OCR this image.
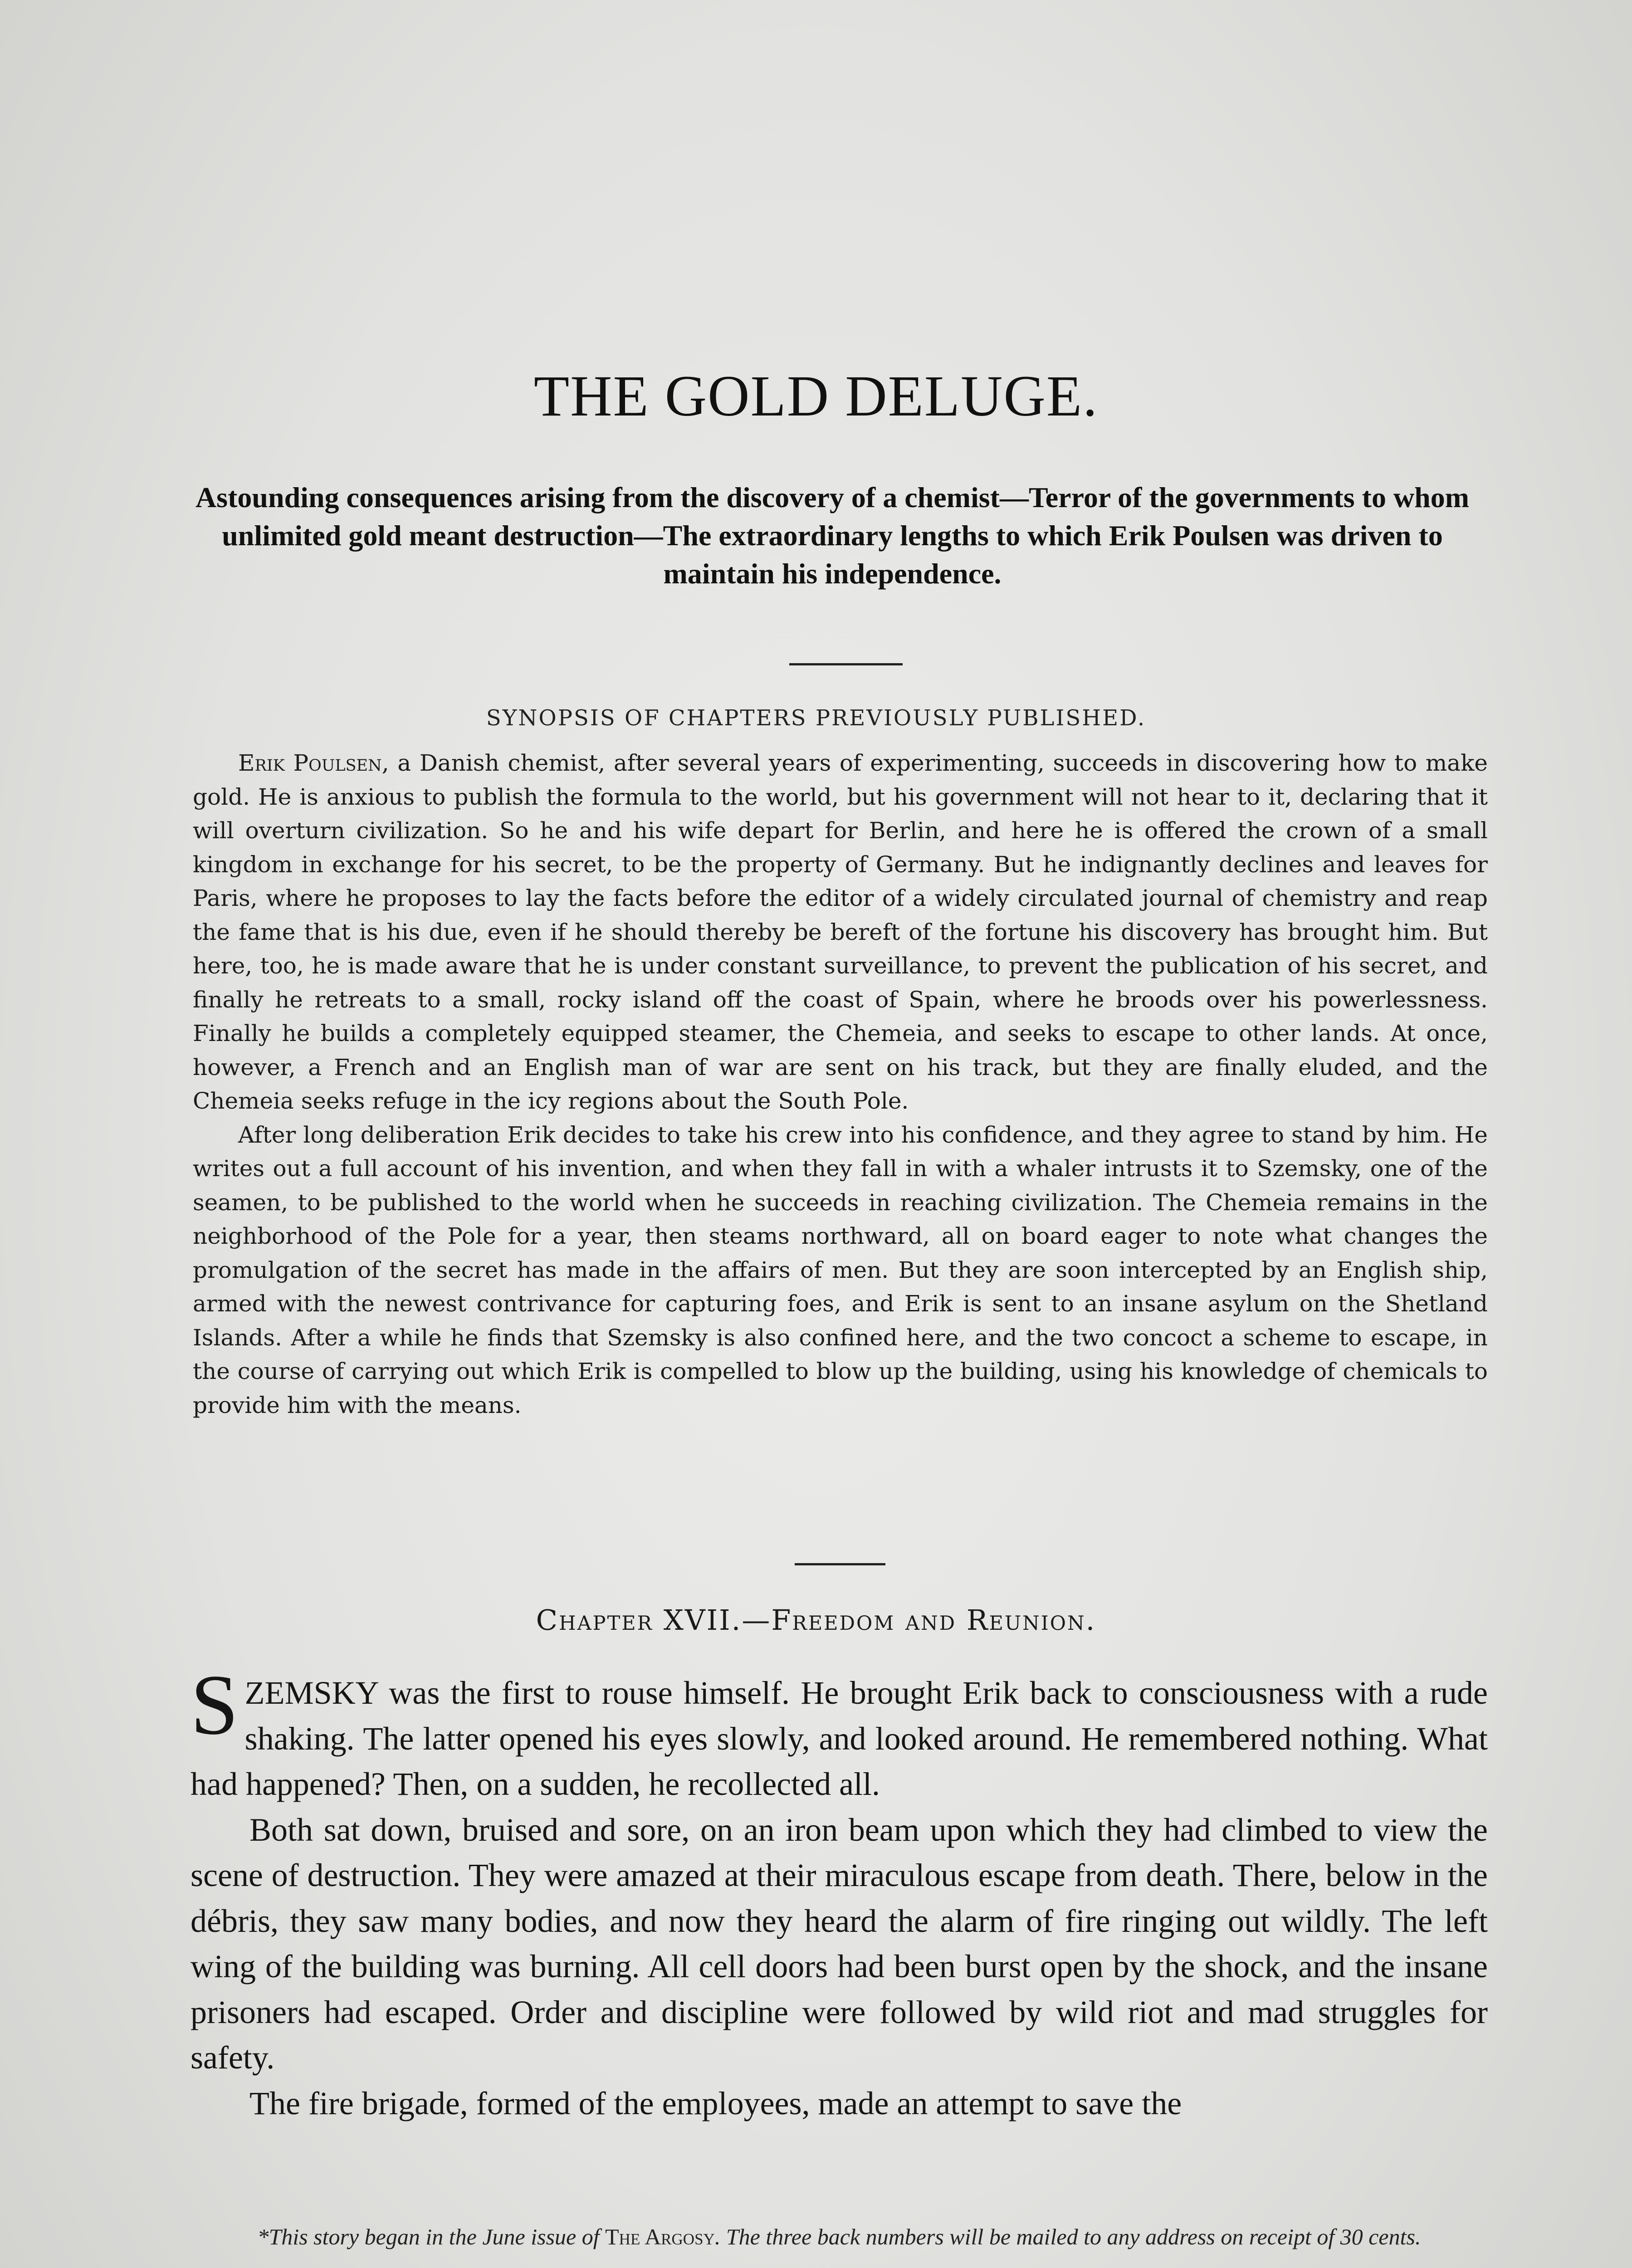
THE GOLD DELUGE.
Astounding consequences arising from the discovery of a chemist—Terror of the governments to whom unlimited gold meant destruction—The extraordinary lengths to which Erik Poulsen was driven to maintain his independence.
SYNOPSIS OF CHAPTERS PREVIOUSLY PUBLISHED.

Erik Poulsen, a Danish chemist, after several years of experimenting, succeeds in discovering how to make gold. He is anxious to publish the formula to the world, but his government will not hear to it, declaring that it will overturn civilization. So he and his wife depart for Berlin, and here he is offered the crown of a small kingdom in exchange for his secret, to be the property of Germany. But he indignantly declines and leaves for Paris, where he proposes to lay the facts before the editor of a widely circulated journal of chemistry and reap the fame that is his due, even if he should thereby be bereft of the fortune his discovery has brought him. But here, too, he is made aware that he is under constant surveillance, to prevent the publication of his secret, and finally he retreats to a small, rocky island off the coast of Spain, where he broods over his powerlessness. Finally he builds a completely equipped steamer, the Chemeia, and seeks to escape to other lands. At once, however, a French and an English man of war are sent on his track, but they are finally eluded, and the Chemeia seeks refuge in the icy regions about the South Pole.

After long deliberation Erik decides to take his crew into his confidence, and they agree to stand by him. He writes out a full account of his invention, and when they fall in with a whaler intrusts it to Szemsky, one of the seamen, to be published to the world when he succeeds in reaching civilization. The Chemeia remains in the neighborhood of the Pole for a year, then steams northward, all on board eager to note what changes the promulgation of the secret has made in the affairs of men. But they are soon intercepted by an English ship, armed with the newest contrivance for capturing foes, and Erik is sent to an insane asylum on the Shetland Islands. After a while he finds that Szemsky is also confined here, and the two concoct a scheme to escape, in the course of carrying out which Erik is compelled to blow up the building, using his knowledge of chemicals to provide him with the means.

Chapter XVII.—Freedom and Reunion.

SZEMSKY was the first to rouse himself. He brought Erik back to consciousness with a rude shaking. The latter opened his eyes slowly, and looked around. He remembered nothing. What had happened? Then, on a sudden, he recollected all.

Both sat down, bruised and sore, on an iron beam upon which they had climbed to view the scene of destruction. They were amazed at their miraculous escape from death. There, below in the débris, they saw many bodies, and now they heard the alarm of fire ringing out wildly. The left wing of the building was burning. All cell doors had been burst open by the shock, and the insane prisoners had escaped. Order and discipline were followed by wild riot and mad struggles for safety.

The fire brigade, formed of the employees, made an attempt to save the

*This story began in the June issue of The Argosy. The three back numbers will be mailed to any address on receipt of 30 cents.
